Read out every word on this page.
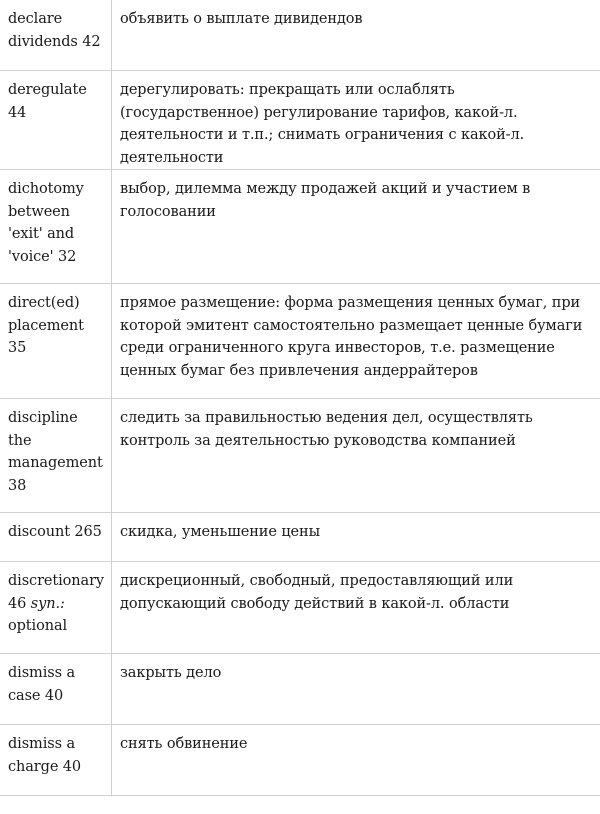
declare dividends 42	объявить о выплате дивидендов

deregulate 44	дерегулировать: прекращать или ослаблять (государственное) регулирование тарифов, какой-л. деятельности и т.п.; снимать ограничения с какой-л. деятельности

dichotomy between 'exit' and 'voice' 32	выбор, дилемма между продажей акций и участием в голосовании

direct(ed) placement 35	прямое размещение: форма размещения ценных бумаг, при которой эмитент самостоятельно размещает ценные бумаги среди ограниченного круга инвесторов, т.е. размещение ценных бумаг без привлечения андеррайтеров

discipline the management 38	следить за правильностью ведения дел, осуществлять контроль за деятельностью руководства компанией

discount 265	скидка, уменьшение цены

discretionary 46 syn.: optional	дискреционный, свободный, предоставляющий или допускающий свободу действий в какой-л. области

dismiss a case 40	закрыть дело

dismiss a charge 40	снять обвинение
